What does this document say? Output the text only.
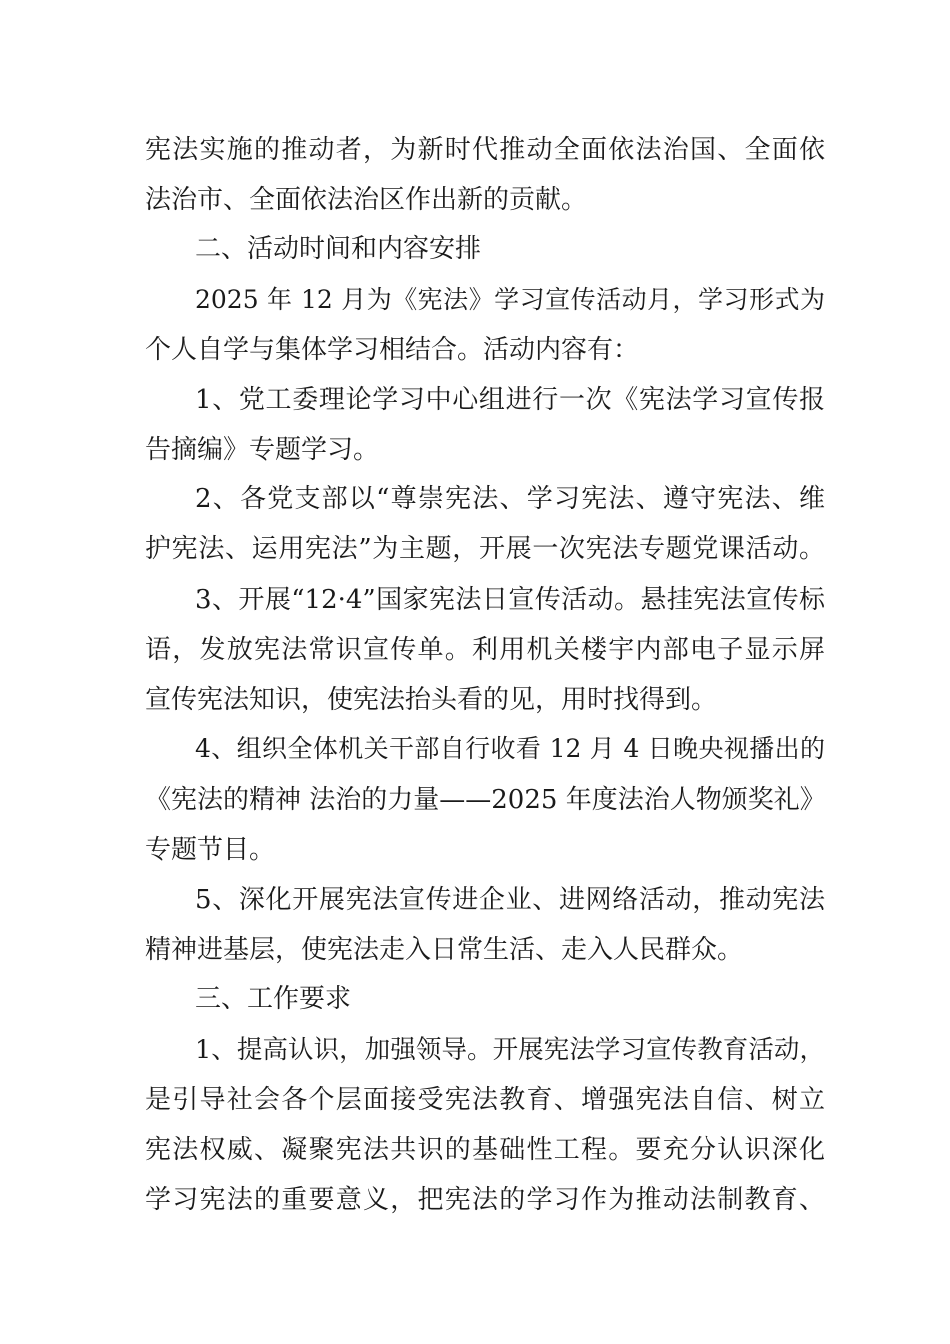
宪法实施的推动者，为新时代推动全面依法治国、全面依
法治市、全面依法治区作出新的贡献。
二、活动时间和内容安排
2025 年 12 月为《宪法》学习宣传活动月，学习形式为
个人自学与集体学习相结合。活动内容有：
1、党工委理论学习中心组进行一次《宪法学习宣传报
告摘编》专题学习。
2、各党支部以“尊崇宪法、学习宪法、遵守宪法、维
护宪法、运用宪法”为主题，开展一次宪法专题党课活动。
3、开展“12·4”国家宪法日宣传活动。悬挂宪法宣传标
语，发放宪法常识宣传单。利用机关楼宇内部电子显示屏
宣传宪法知识，使宪法抬头看的见，用时找得到。
4、组织全体机关干部自行收看 12 月 4 日晚央视播出的
《宪法的精神 法治的力量——2025 年度法治人物颁奖礼》
专题节目。
5、深化开展宪法宣传进企业、进网络活动，推动宪法
精神进基层，使宪法走入日常生活、走入人民群众。
三、工作要求
1、提高认识，加强领导。开展宪法学习宣传教育活动，
是引导社会各个层面接受宪法教育、增强宪法自信、树立
宪法权威、凝聚宪法共识的基础性工程。要充分认识深化
学习宪法的重要意义，把宪法的学习作为推动法制教育、
